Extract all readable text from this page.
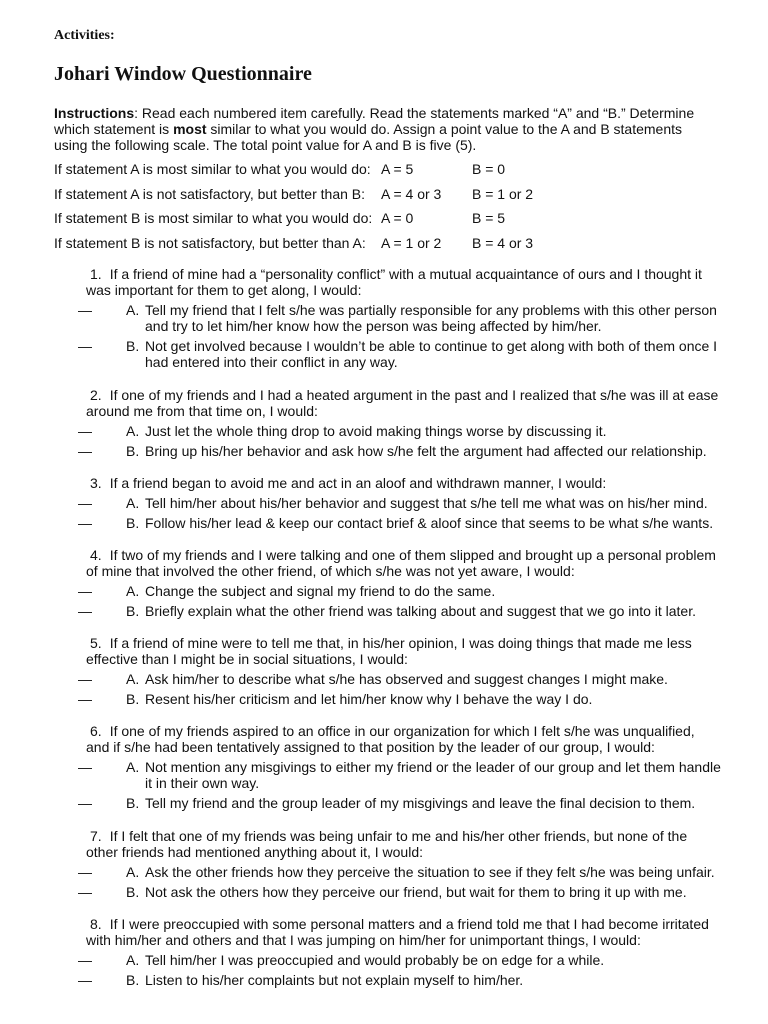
Activities:
Johari Window Questionnaire
Instructions: Read each numbered item carefully. Read the statements marked “A” and “B.” Determine
which statement is most similar to what you would do. Assign a point value to the A and B statements
using the following scale. The total point value for A and B is five (5).
If statement A is most similar to what you would do: A = 5	B = 0
If statement A is not satisfactory, but better than B: A = 4 or 3 B = 1 or 2
If statement B is most similar to what you would do: A = 0	B = 5
If statement B is not satisfactory, but better than A: A = 1 or 2 B = 4 or 3
1. If a friend of mine had a “personality conflict” with a mutual acquaintance of ours and I thought it
was important for them to get along, I would:
— A. Tell my friend that I felt s/he was partially responsible for any problems with this other person
and try to let him/her know how the person was being affected by him/her.
— B. Not get involved because I wouldn’t be able to continue to get along with both of them once I
had entered into their conflict in any way.
2. If one of my friends and I had a heated argument in the past and I realized that s/he was ill at ease
around me from that time on, I would:
— A. Just let the whole thing drop to avoid making things worse by discussing it.
— B. Bring up his/her behavior and ask how s/he felt the argument had affected our relationship.
3. If a friend began to avoid me and act in an aloof and withdrawn manner, I would:
— A. Tell him/her about his/her behavior and suggest that s/he tell me what was on his/her mind.
— B. Follow his/her lead & keep our contact brief & aloof since that seems to be what s/he wants.
4. If two of my friends and I were talking and one of them slipped and brought up a personal problem
of mine that involved the other friend, of which s/he was not yet aware, I would:
— A. Change the subject and signal my friend to do the same.
— B. Briefly explain what the other friend was talking about and suggest that we go into it later.
5. If a friend of mine were to tell me that, in his/her opinion, I was doing things that made me less
effective than I might be in social situations, I would:
— A. Ask him/her to describe what s/he has observed and suggest changes I might make.
— B. Resent his/her criticism and let him/her know why I behave the way I do.
6. If one of my friends aspired to an office in our organization for which I felt s/he was unqualified,
and if s/he had been tentatively assigned to that position by the leader of our group, I would:
— A. Not mention any misgivings to either my friend or the leader of our group and let them handle
it in their own way.
— B. Tell my friend and the group leader of my misgivings and leave the final decision to them.
7. If I felt that one of my friends was being unfair to me and his/her other friends, but none of the
other friends had mentioned anything about it, I would:
— A. Ask the other friends how they perceive the situation to see if they felt s/he was being unfair.
— B. Not ask the others how they perceive our friend, but wait for them to bring it up with me.
8. If I were preoccupied with some personal matters and a friend told me that I had become irritated
with him/her and others and that I was jumping on him/her for unimportant things, I would:
— A. Tell him/her I was preoccupied and would probably be on edge for a while.
— B. Listen to his/her complaints but not explain myself to him/her.
